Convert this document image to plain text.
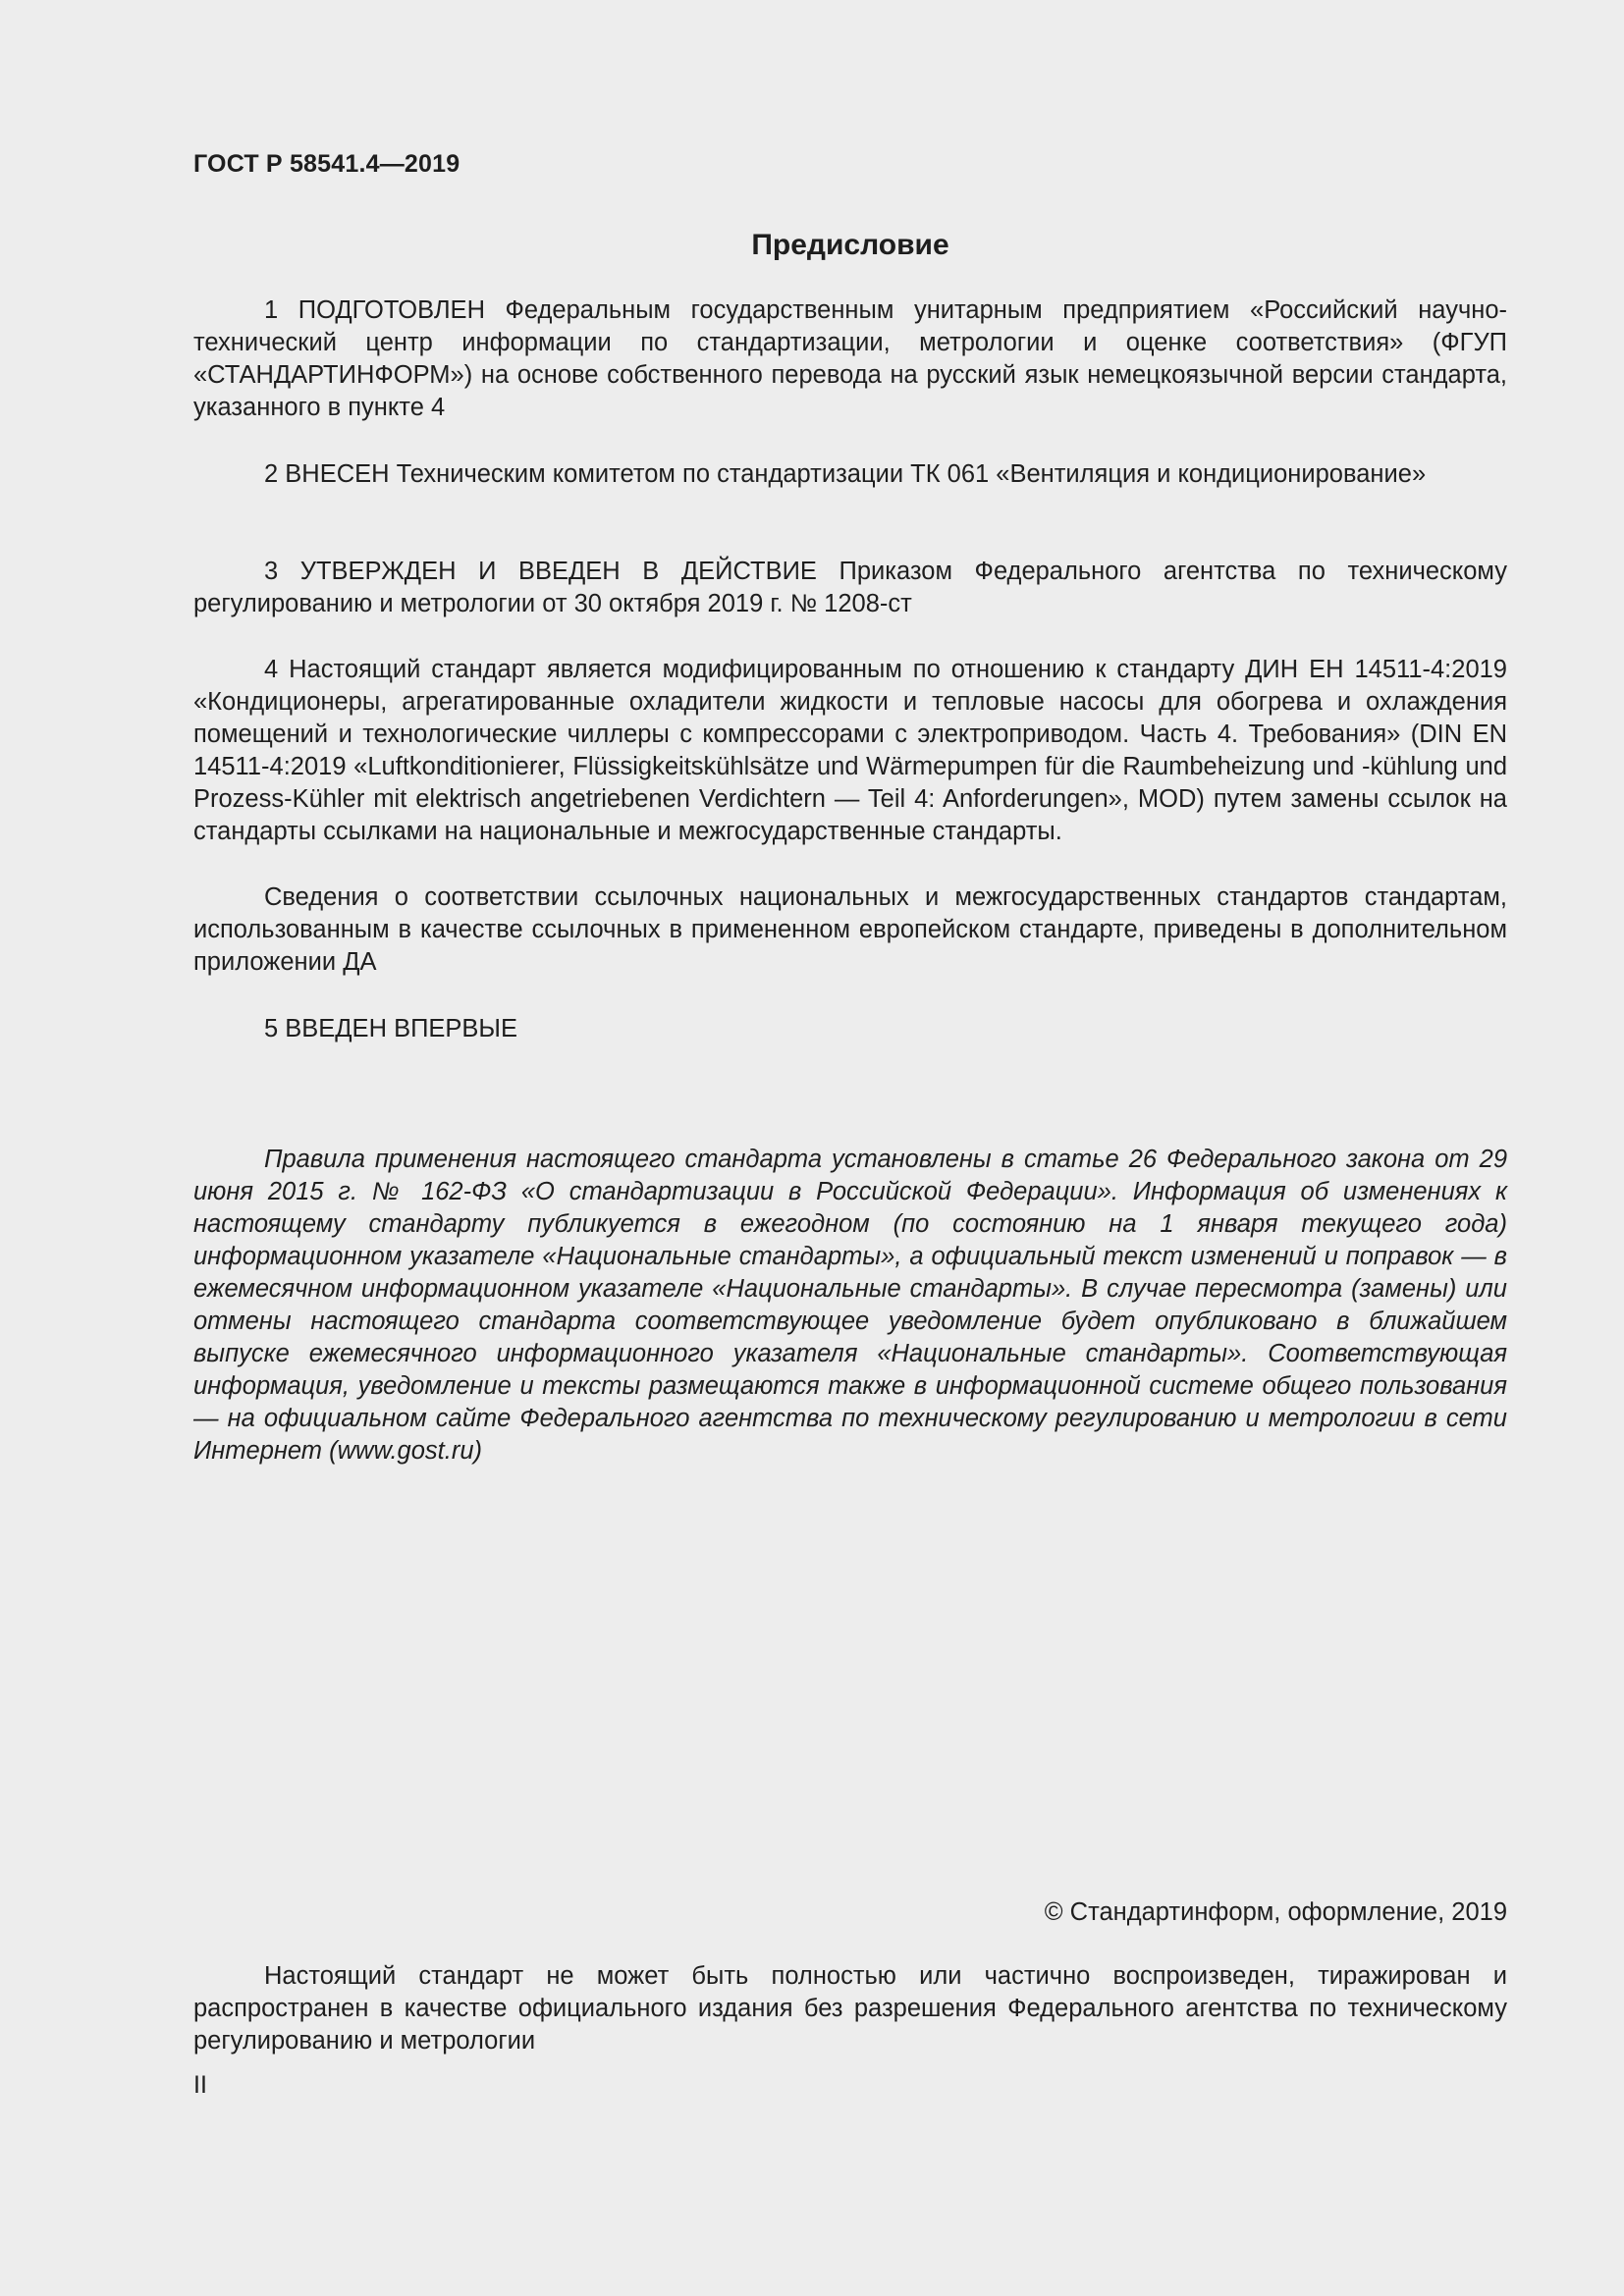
ГОСТ Р 58541.4—2019
Предисловие

1 ПОДГОТОВЛЕН Федеральным государственным унитарным предприятием «Российский научно-технический центр информации по стандартизации, метрологии и оценке соответствия» (ФГУП «СТАНДАРТИНФОРМ») на основе собственного перевода на русский язык немецкоязычной версии стандарта, указанного в пункте 4

2 ВНЕСЕН Техническим комитетом по стандартизации ТК 061 «Вентиляция и кондиционирование»

3 УТВЕРЖДЕН И ВВЕДЕН В ДЕЙСТВИЕ Приказом Федерального агентства по техническому регулированию и метрологии от 30 октября 2019 г. № 1208-ст

4 Настоящий стандарт является модифицированным по отношению к стандарту ДИН ЕН 14511-4:2019 «Кондиционеры, агрегатированные охладители жидкости и тепловые насосы для обогрева и охлаждения помещений и технологические чиллеры с компрессорами с электроприводом. Часть 4. Требования» (DIN EN 14511-4:2019 «Luftkonditionierer, Flüssigkeitskühlsätze und Wärmepumpen für die Raumbeheizung und -kühlung und Prozess-Kühler mit elektrisch angetriebenen Verdichtern — Teil 4: Anforderungen», MOD) путем замены ссылок на стандарты ссылками на национальные и межгосударственные стандарты.

Сведения о соответствии ссылочных национальных и межгосударственных стандартов стандартам, использованным в качестве ссылочных в примененном европейском стандарте, приведены в дополнительном приложении ДА

5 ВВЕДЕН ВПЕРВЫЕ

Правила применения настоящего стандарта установлены в статье 26 Федерального закона от 29 июня 2015 г. № 162-ФЗ «О стандартизации в Российской Федерации». Информация об изменениях к настоящему стандарту публикуется в ежегодном (по состоянию на 1 января текущего года) информационном указателе «Национальные стандарты», а официальный текст изменений и поправок — в ежемесячном информационном указателе «Национальные стандарты». В случае пересмотра (замены) или отмены настоящего стандарта соответствующее уведомление будет опубликовано в ближайшем выпуске ежемесячного информационного указателя «Национальные стандарты». Соответствующая информация, уведомление и тексты размещаются также в информационной системе общего пользования — на официальном сайте Федерального агентства по техническому регулированию и метрологии в сети Интернет (www.gost.ru)

© Стандартинформ, оформление, 2019

Настоящий стандарт не может быть полностью или частично воспроизведен, тиражирован и распространен в качестве официального издания без разрешения Федерального агентства по техническому регулированию и метрологии

II
